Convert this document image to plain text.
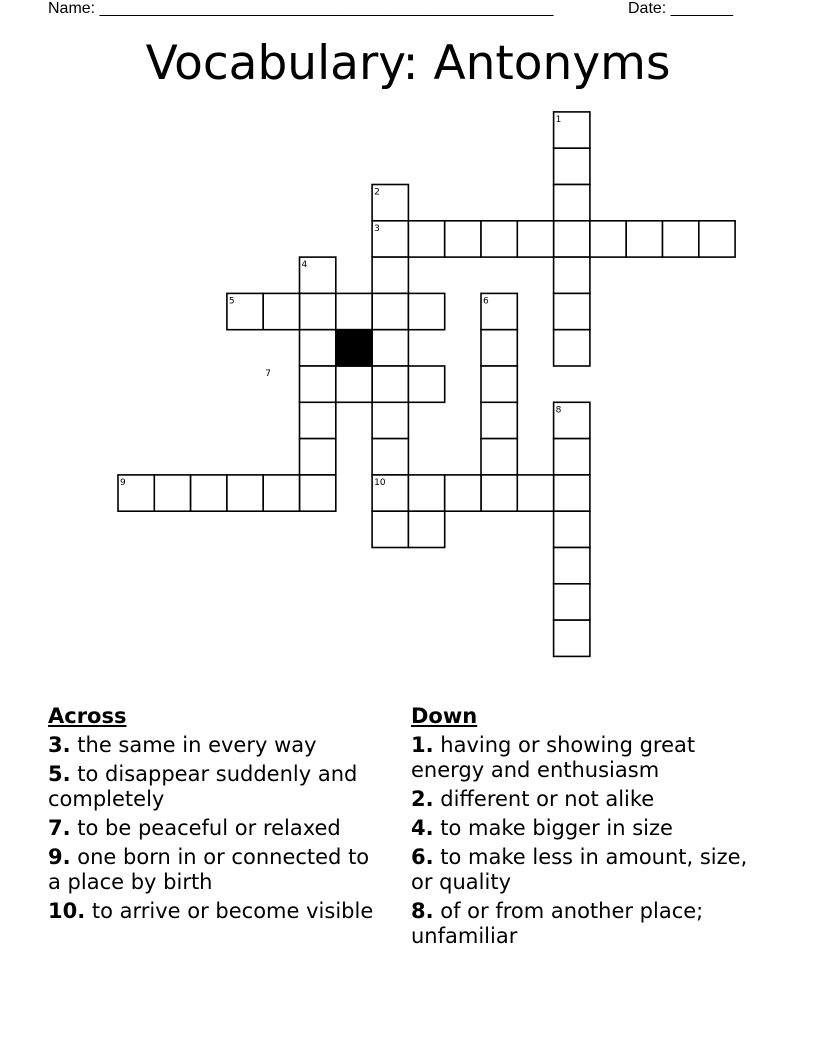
Name: ___________________________________________________	Date: _______
Vocabulary: Antonyms
1
2
3
4
5	6
7
8
9	10
Across
3. the same in every way
5. to disappear suddenly and completely
7. to be peaceful or relaxed
9. one born in or connected to a place by birth
10. to arrive or become visible
Down
1. having or showing great energy and enthusiasm
2. different or not alike
4. to make bigger in size
6. to make less in amount, size, or quality
8. of or from another place; unfamiliar
